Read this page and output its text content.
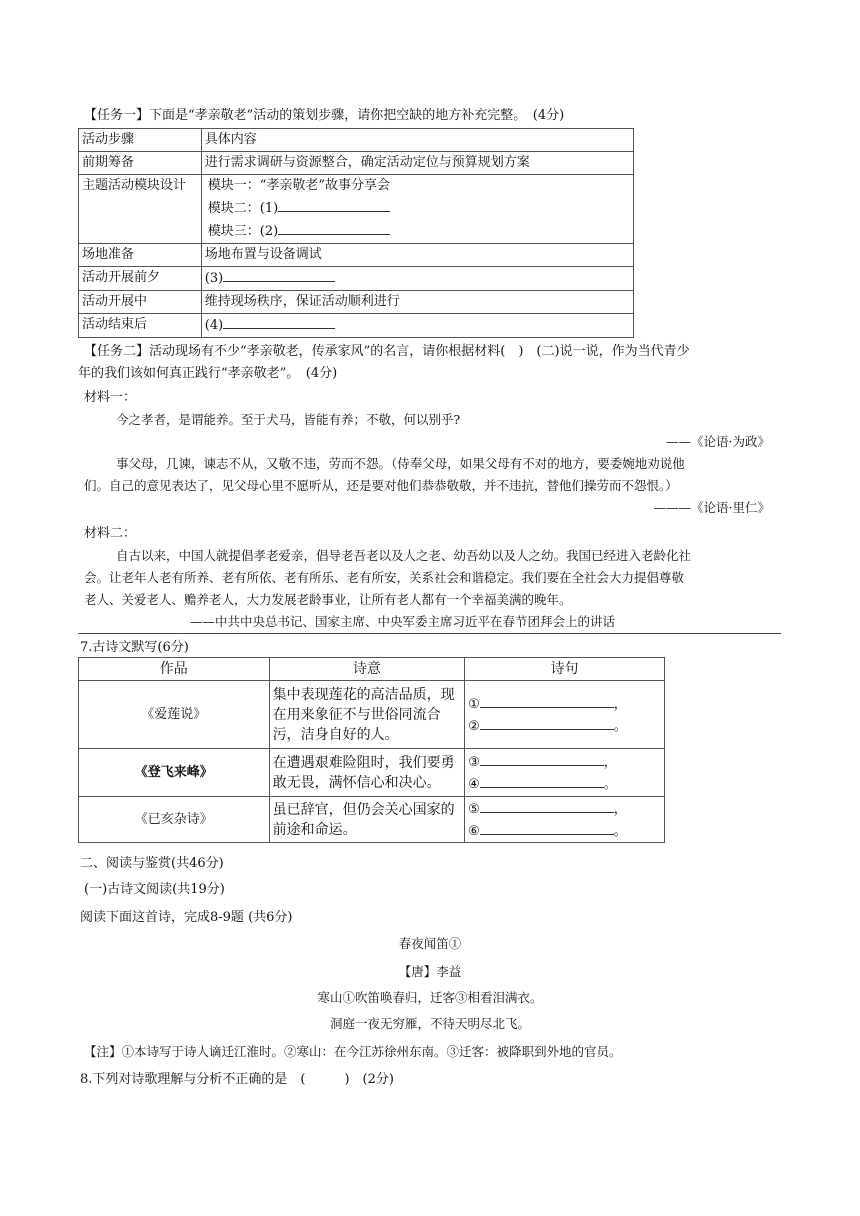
【任务一】下面是“孝亲敬老”活动的策划步骤，请你把空缺的地方补充完整。　(4分)
活动步骤	具体内容
前期筹备	进行需求调研与资源整合，确定活动定位与预算规划方案
主题活动模块设计	模块一：“孝亲敬老”故事分享会
模块二：(1)
模块三：(2)

场地准备	场地布置与设备调试
活动开展前夕	(3)
活动开展中	维持现场秩序，保证活动顺利进行
活动结束后	(4)
【任务二】活动现场有不少“孝亲敬老，传承家风”的名言，请你根据材料(　)　(二)说一说，作为当代青少
年的我们该如何真正践行“孝亲敬老”。　(4分)
材料一：
今之孝者，是谓能养。至于犬马，皆能有养；不敬，何以别乎?
——《论语·为政》
事父母，几谏，谏志不从，又敬不违，劳而不怨。（侍奉父母，如果父母有不对的地方，要委婉地劝说他
们。自己的意见表达了，见父母心里不愿听从，还是要对他们恭恭敬敬，并不违抗，替他们操劳而不怨恨。）
———《论语·里仁》
材料二：
自古以来，中国人就提倡孝老爱亲，倡导老吾老以及人之老、幼吾幼以及人之幼。我国已经进入老龄化社
会。让老年人老有所养、老有所依、老有所乐、老有所安，关系社会和谐稳定。我们要在全社会大力提倡尊敬
老人、关爱老人、赡养老人，大力发展老龄事业，让所有老人都有一个幸福美满的晚年。
——中共中央总书记、国家主席、中央军委主席习近平在春节团拜会上的讲话
7.古诗文默写(6分)
作品	诗意	诗句
《爱莲说》	集中表现莲花的高洁品质，现在用来象征不与世俗同流合污，洁身自好的人。	① ，
② 。

《登飞来峰》	在遭遇艰难险阻时，我们要勇敢无畏，满怀信心和决心。	③ ，
④ 。

《已亥杂诗》	虽已辞官，但仍会关心国家的前途和命运。	⑤ ，
⑥ 。
二、阅读与鉴赏(共46分)
(一)古诗文阅读(共19分)
阅读下面这首诗，完成8-9题 (共6分)
春夜闻笛①
【唐】李益
寒山①吹笛唤春归，迁客③相看泪满衣。
洞庭一夜无穷雁，不待天明尽北飞。
【注】①本诗写于诗人谪迁江淮时。②寒山：在今江苏徐州东南。③迁客：被降职到外地的官员。
8.下列对诗歌理解与分析不正确的是　(　　　)　(2分)
